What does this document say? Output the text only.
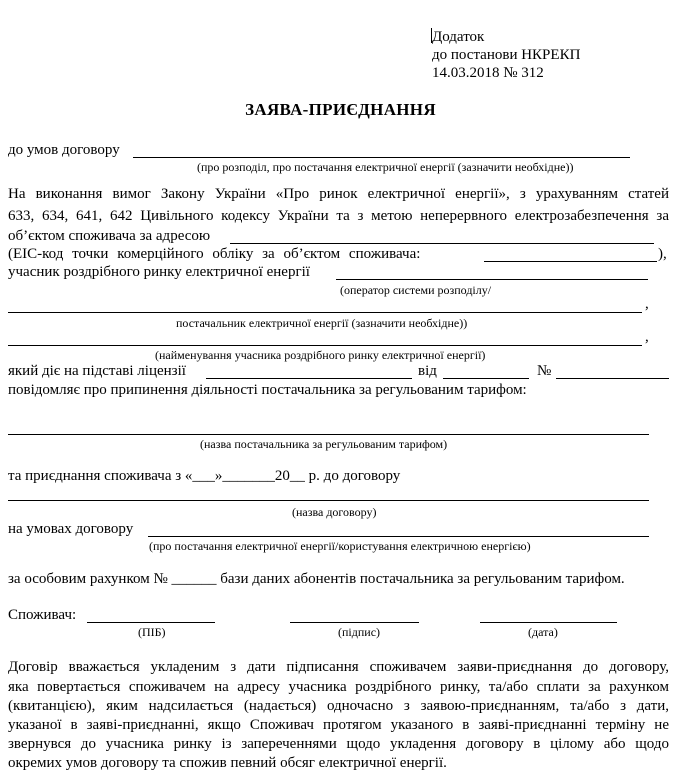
Додаток
до постанови НКРЕКП
14.03.2018 № 312
ЗАЯВА-ПРИЄДНАННЯ
до умов договору
(про розподіл, про постачання електричної енергії (зазначити необхідне))
На виконання вимог Закону України «Про ринок електричної енергії», з урахуванням статей
633, 634, 641, 642 Цивільного кодексу України та з метою неперервного електрозабезпечення за
об’єктом споживача за адресою
(ЕІС-код точки комерційного обліку за об’єктом споживача:	),
учасник роздрібного ринку електричної енергії
(оператор системи розподілу/
,
постачальник електричної енергії (зазначити необхідне))
,
(найменування учасника роздрібного ринку електричної енергії)
який діє на підставі ліцензії	від	№
повідомляє про припинення діяльності постачальника за регульованим тарифом:
(назва постачальника за регульованим тарифом)
та приєднання споживача з «___»_______20__ р. до договору
(назва договору)
на умовах договору
(про постачання електричної енергії/користування електричною енергією)
за особовим рахунком № ______ бази даних абонентів постачальника за регульованим тарифом.
Споживач:
(ПІБ)	(підпис)	(дата)
Договір вважається укладеним з дати підписання споживачем заяви-приєднання до договору,
яка повертається споживачем на адресу учасника роздрібного ринку, та/або сплати за рахунком
(квитанцією), яким надсилається (надається) одночасно з заявою-приєднанням, та/або з дати,
указаної в заяві-приєднанні, якщо Споживач протягом указаного в заяві-приєднанні терміну не
звернувся до учасника ринку із запереченнями щодо укладення договору в цілому або щодо
окремих умов договору та спожив певний обсяг електричної енергії.
